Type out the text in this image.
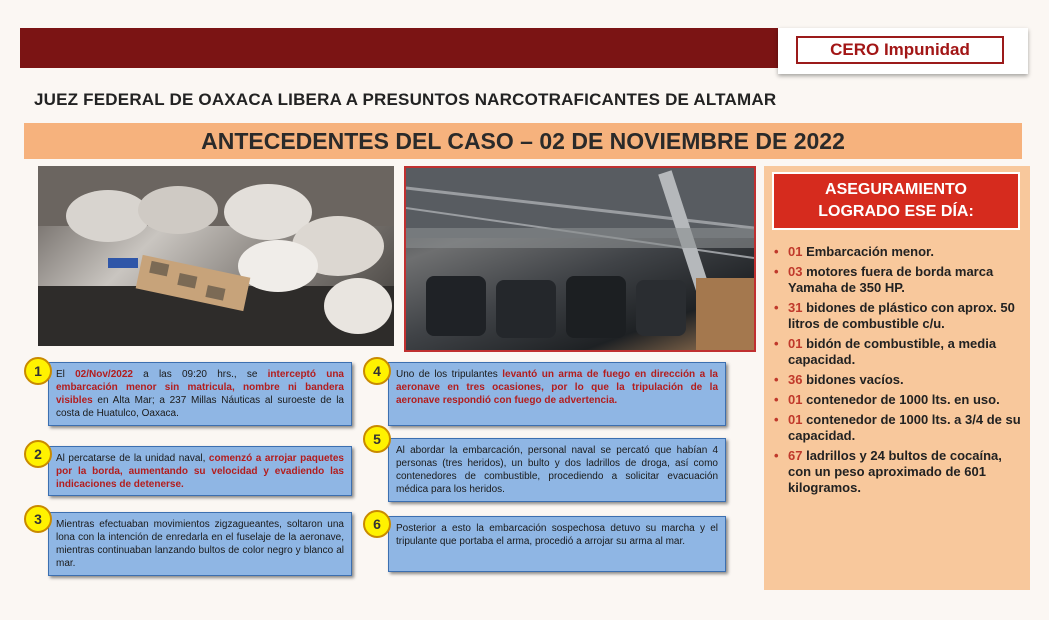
CERO Impunidad
JUEZ FEDERAL DE OAXACA LIBERA A PRESUNTOS NARCOTRAFICANTES DE ALTAMAR
ANTECEDENTES DEL CASO – 02 DE NOVIEMBRE DE 2022
ASEGURAMIENTO
LOGRADO ESE DÍA:
• 01 Embarcación menor.
• 03 motores fuera de borda marca Yamaha de 350 HP.
• 31 bidones de plástico con aprox. 50 litros de combustible c/u.
• 01 bidón de combustible, a media capacidad.
• 36 bidones vacíos.
• 01 contenedor de 1000 lts. en uso.
• 01 contenedor de 1000 lts. a 3/4 de su capacidad.
• 67 ladrillos y 24 bultos de cocaína, con un peso aproximado de 601 kilogramos.
El 02/Nov/2022 a las 09:20 hrs., se interceptó una embarcación menor sin matricula, nombre ni bandera visibles en Alta Mar; a 237 Millas Náuticas al suroeste de la costa de Huatulco, Oaxaca.
1
Al percatarse de la unidad naval, comenzó a arrojar paquetes por la borda, aumentando su velocidad y evadiendo las indicaciones de detenerse.
2
Mientras efectuaban movimientos zigzagueantes, soltaron una lona con la intención de enredarla en el fuselaje de la aeronave, mientras continuaban lanzando bultos de color negro y blanco al mar.
3
Uno de los tripulantes levantó un arma de fuego en dirección a la aeronave en tres ocasiones, por lo que la tripulación de la aeronave respondió con fuego de advertencia.
4
Al abordar la embarcación, personal naval se percató que habían 4 personas (tres heridos), un bulto y dos ladrillos de droga, así como contenedores de combustible, procediendo a solicitar evacuación médica para los heridos.
5
Posterior a esto la embarcación sospechosa detuvo su marcha y el tripulante que portaba el arma, procedió a arrojar su arma al mar.
6
